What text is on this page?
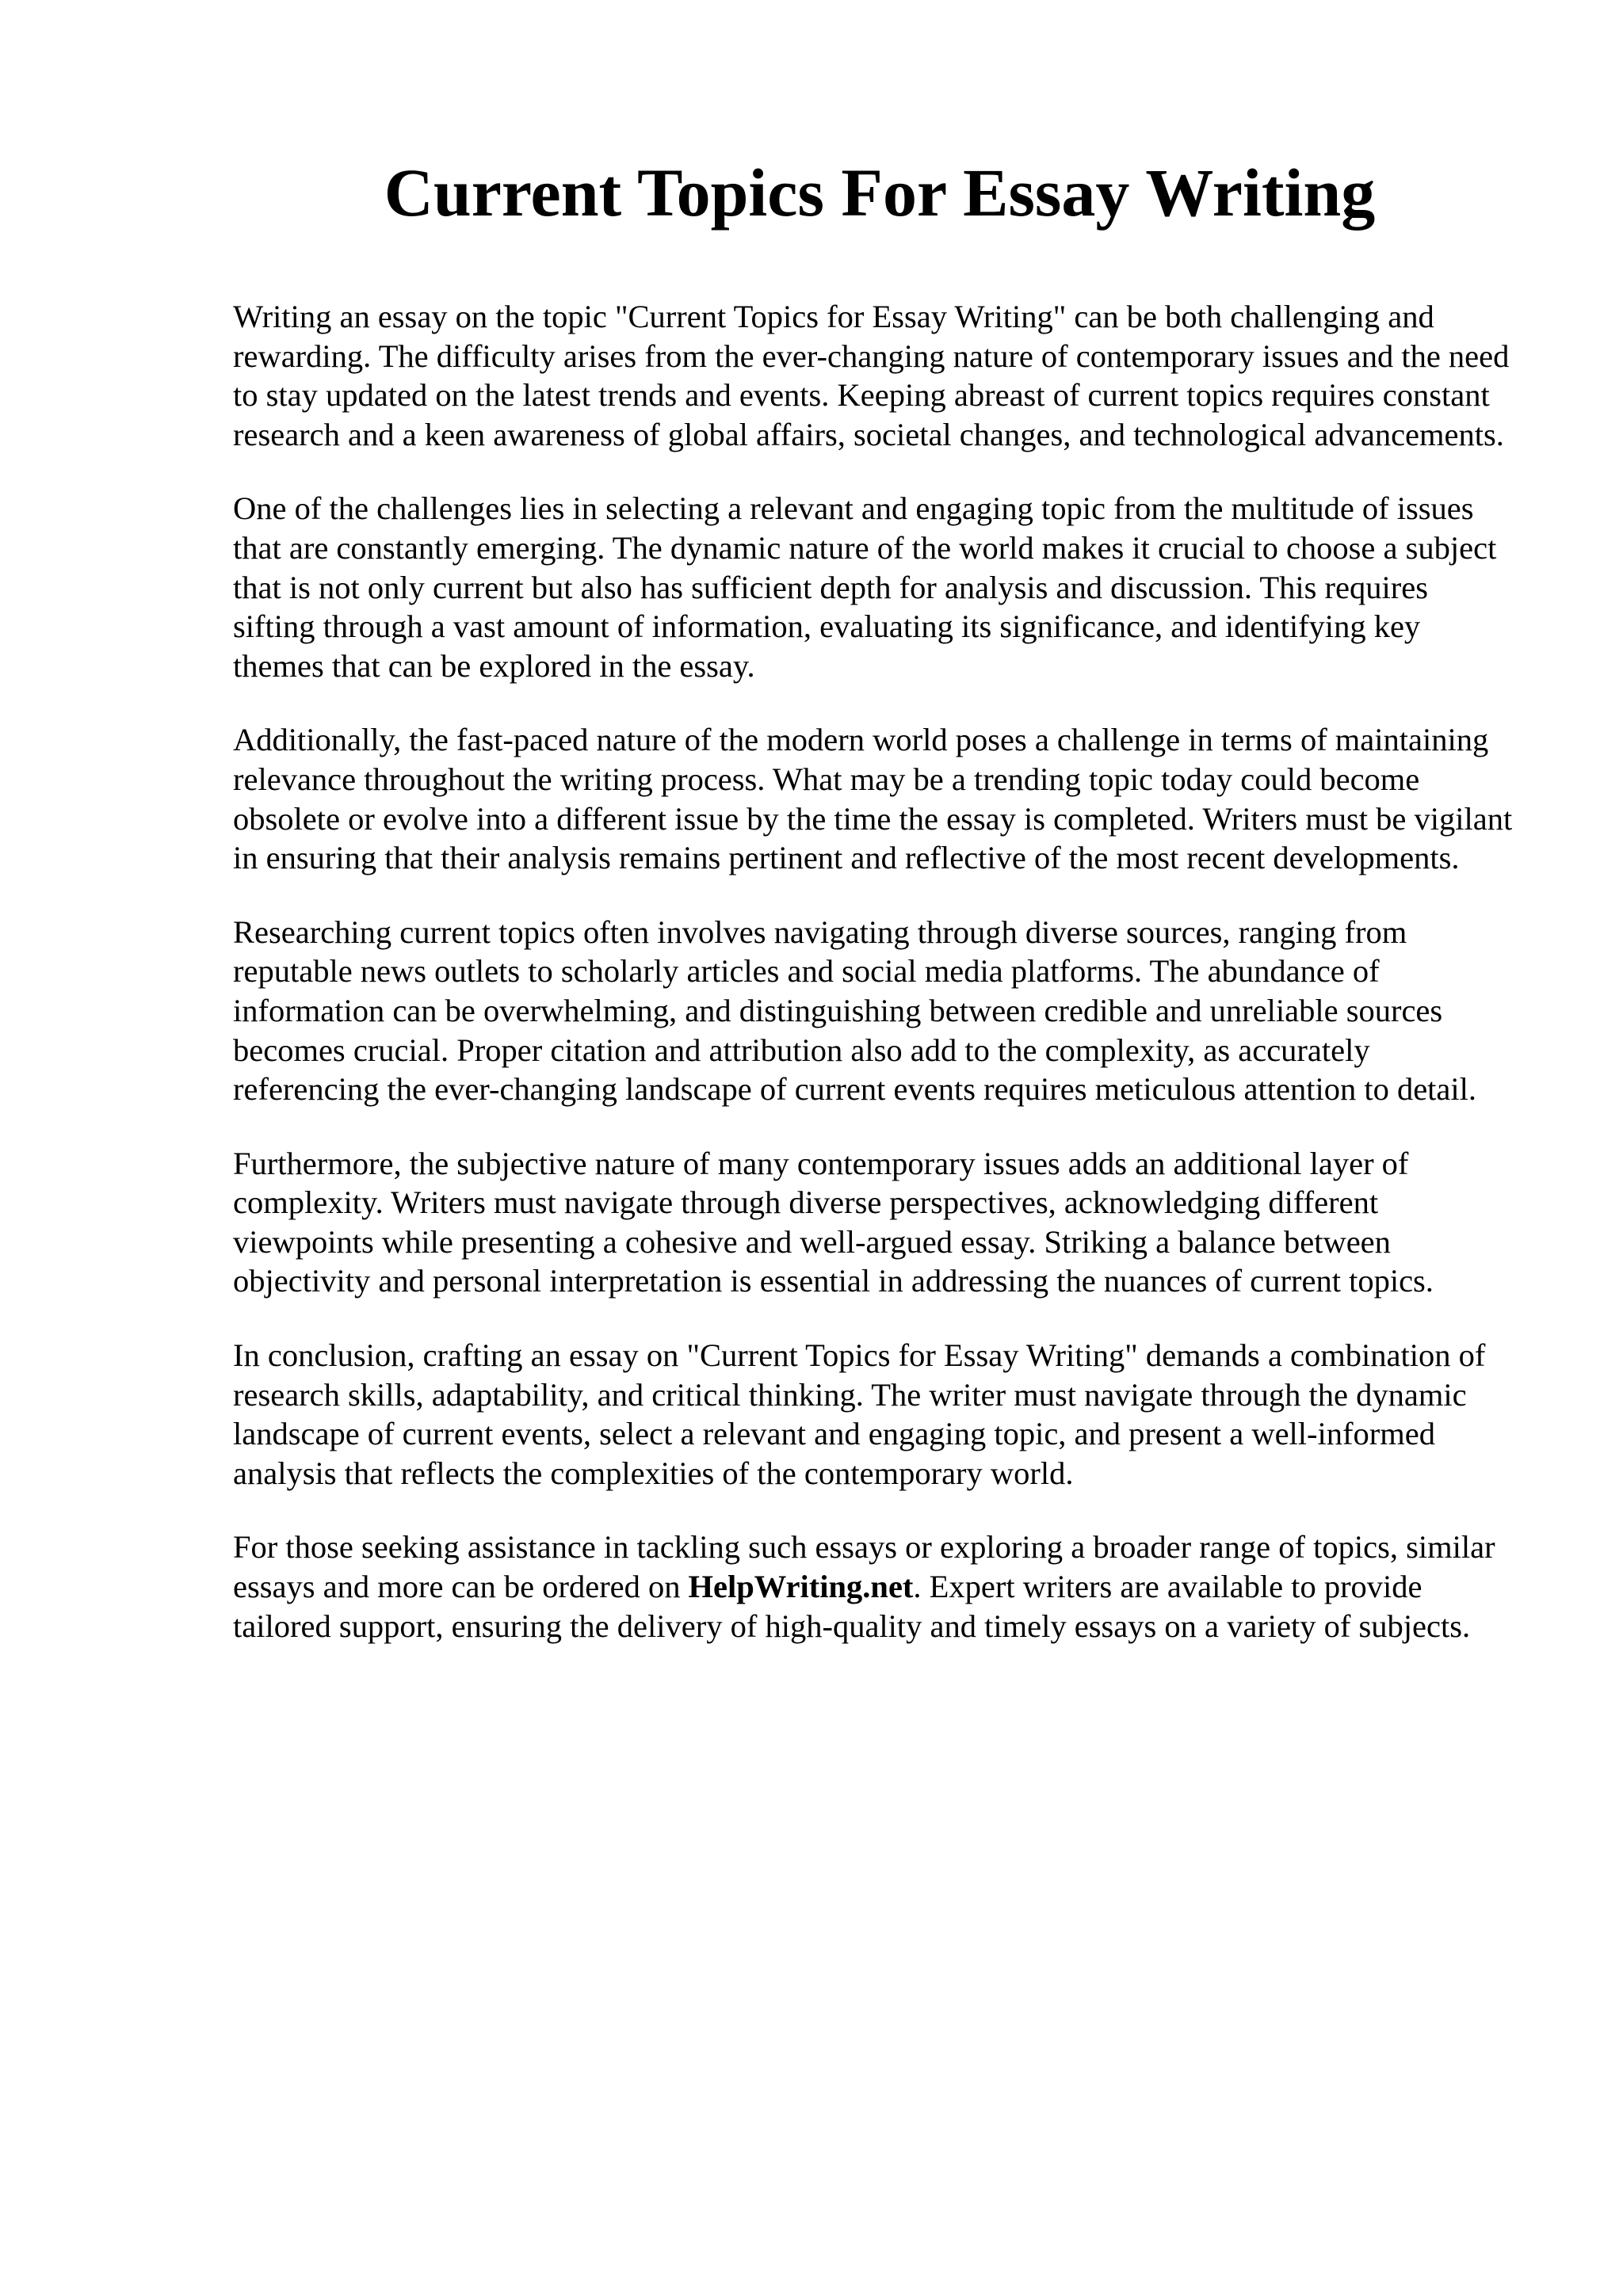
Current Topics For Essay Writing

Writing an essay on the topic "Current Topics for Essay Writing" can be both challenging and rewarding. The difficulty arises from the ever-changing nature of contemporary issues and the need to stay updated on the latest trends and events. Keeping abreast of current topics requires constant research and a keen awareness of global affairs, societal changes, and technological advancements.

One of the challenges lies in selecting a relevant and engaging topic from the multitude of issues that are constantly emerging. The dynamic nature of the world makes it crucial to choose a subject that is not only current but also has sufficient depth for analysis and discussion. This requires sifting through a vast amount of information, evaluating its significance, and identifying key themes that can be explored in the essay.

Additionally, the fast-paced nature of the modern world poses a challenge in terms of maintaining relevance throughout the writing process. What may be a trending topic today could become obsolete or evolve into a different issue by the time the essay is completed. Writers must be vigilant in ensuring that their analysis remains pertinent and reflective of the most recent developments.

Researching current topics often involves navigating through diverse sources, ranging from reputable news outlets to scholarly articles and social media platforms. The abundance of information can be overwhelming, and distinguishing between credible and unreliable sources becomes crucial. Proper citation and attribution also add to the complexity, as accurately referencing the ever-changing landscape of current events requires meticulous attention to detail.

Furthermore, the subjective nature of many contemporary issues adds an additional layer of complexity. Writers must navigate through diverse perspectives, acknowledging different viewpoints while presenting a cohesive and well-argued essay. Striking a balance between objectivity and personal interpretation is essential in addressing the nuances of current topics.

In conclusion, crafting an essay on "Current Topics for Essay Writing" demands a combination of research skills, adaptability, and critical thinking. The writer must navigate through the dynamic landscape of current events, select a relevant and engaging topic, and present a well-informed analysis that reflects the complexities of the contemporary world.

For those seeking assistance in tackling such essays or exploring a broader range of topics, similar essays and more can be ordered on HelpWriting.net. Expert writers are available to provide tailored support, ensuring the delivery of high-quality and timely essays on a variety of subjects.
